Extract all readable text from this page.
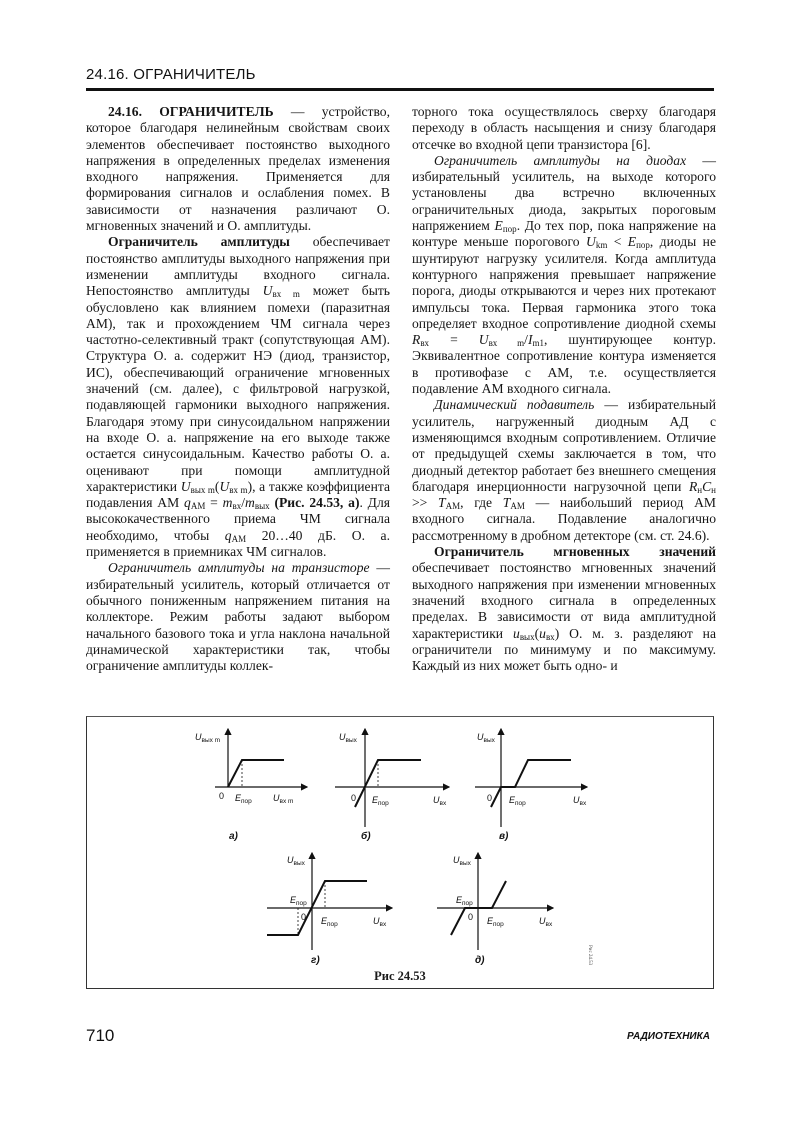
24.16. ОГРАНИЧИТЕЛЬ

24.16. ОГРАНИЧИТЕЛЬ — устройство, которое благодаря нелинейным свойствам своих элементов обеспечивает постоянство выходного напряжения в определенных пределах изменения входного напряжения. Применяется для формирования сигналов и ослабления помех. В зависимости от назначения различают О. мгновенных значений и О. амплитуды.

Ограничитель амплитуды обеспечивает постоянство амплитуды выходного напряжения при изменении амплитуды входного сигнала. Непостоянство амплитуды $U_{вх m}$ может быть обусловлено как влиянием помехи (паразитная АМ), так и прохождением ЧМ сигнала через частотно-селективный тракт (сопутствующая АМ). Структура О. а. содержит НЭ (диод, транзистор, ИС), обеспечивающий ограничение мгновенных значений (см. далее), с фильтровой нагрузкой, подавляющей гармоники выходного напряжения. Благодаря этому при синусоидальном напряжении на входе О. а. напряжение на его выходе также остается синусоидальным. Качество работы О. а. оценивают при помощи амплитудной характеристики $U_{вых m}(U_{вх m})$, а также коэффициента подавления АМ $q_{АМ} = m_{вх}/m_{вых}$ (Рис. 24.53, а). Для высококачественного приема ЧМ сигнала необходимо, чтобы $q_{АМ}$ 20…40 дБ. О. а. применяется в приемниках ЧМ сигналов.

Ограничитель амплитуды на транзисторе — избирательный усилитель, который отличается от обычного пониженным напряжением питания на коллекторе. Режим работы задают выбором начального базового тока и угла наклона начальной динамической характеристики так, чтобы ограничение амплитуды коллек-

торного тока осуществлялось сверху благодаря переходу в область насыщения и снизу благодаря отсечке во входной цепи транзистора [6].

Ограничитель амплитуды на диодах — избирательный усилитель, на выходе которого установлены два встречно включенных ограничительных диода, закрытых пороговым напряжением $E_{пор}$. До тех пор, пока напряжение на контуре меньше порогового $U_{km} < E_{пор}$, диоды не шунтируют нагрузку усилителя. Когда амплитуда контурного напряжения превышает напряжение порога, диоды открываются и через них протекают импульсы тока. Первая гармоника этого тока определяет входное сопротивление диодной схемы $R_{вх} = U_{вх m}/I_{m1}$, шунтирующее контур. Эквивалентное сопротивление контура изменяется в противофазе с АМ, т.е. осуществляется подавление АМ входного сигнала.

Динамический подавитель — избирательный усилитель, нагруженный диодным АД с изменяющимся входным сопротивлением. Отличие от предыдущей схемы заключается в том, что диодный детектор работает без внешнего смещения благодаря инерционности нагрузочной цепи $R_нC_н >> T_{АМ}$, где $T_{АМ}$ — наибольший период АМ входного сигнала. Подавление аналогично рассмотренному в дробном детекторе (см. ст. 24.6).

Ограничитель мгновенных значений обеспечивает постоянство мгновенных значений выходного напряжения при изменении мгновенных значений входного сигнала в определенных пределах. В зависимости от вида амплитудной характеристики $u_{вых}(u_{вх})$ О. м. з. разделяют на ограничители по минимуму и по максимуму. Каждый из них может быть одно- и

$U_{вых m}$
0 $E_{пор}$ $U_{вх m}$
а)
$U_{вых}$
0 $E_{пор}$	$U_{вх}$
б)
$U_{вых}$
0 $E_{пор}$	$U_{вх}$
в)
$U_{вых}$
$E_{пор}$
0 $E_{пор}$	$U_{вх}$
г)
$U_{вых}$
$E_{пор}$
0 $E_{пор}$	$U_{вх}$
д)	Рис 24.53
Рис 24.53
710	РАДИОТЕХНИКА
